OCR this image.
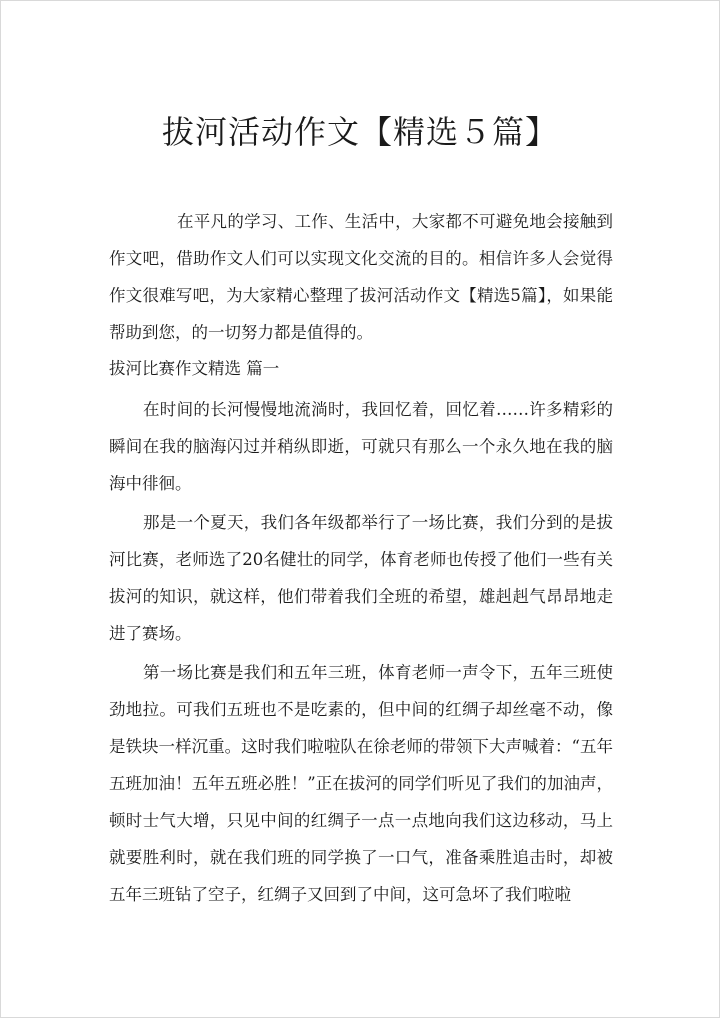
拔河活动作文【精选５篇】

在平凡的学习、工作、生活中，大家都不可避免地会接触到作文吧，借助作文人们可以实现文化交流的目的。相信许多人会觉得作文很难写吧，为大家精心整理了拔河活动作文【精选5篇】，如果能帮助到您，的一切努力都是值得的。

拔河比赛作文精选 篇一

在时间的长河慢慢地流淌时，我回忆着，回忆着……许多精彩的瞬间在我的脑海闪过并稍纵即逝，可就只有那么一个永久地在我的脑海中徘徊。

那是一个夏天，我们各年级都举行了一场比赛，我们分到的是拔河比赛，老师选了20名健壮的同学，体育老师也传授了他们一些有关拔河的知识，就这样，他们带着我们全班的希望，雄赳赳气昂昂地走进了赛场。

第一场比赛是我们和五年三班，体育老师一声令下，五年三班使劲地拉。可我们五班也不是吃素的，但中间的红绸子却丝毫不动，像是铁块一样沉重。这时我们啦啦队在徐老师的带领下大声喊着：“五年五班加油！五年五班必胜！”正在拔河的同学们听见了我们的加油声，顿时士气大增，只见中间的红绸子一点一点地向我们这边移动，马上就要胜利时，就在我们班的同学换了一口气，准备乘胜追击时，却被五年三班钻了空子，红绸子又回到了中间，这可急坏了我们啦啦
